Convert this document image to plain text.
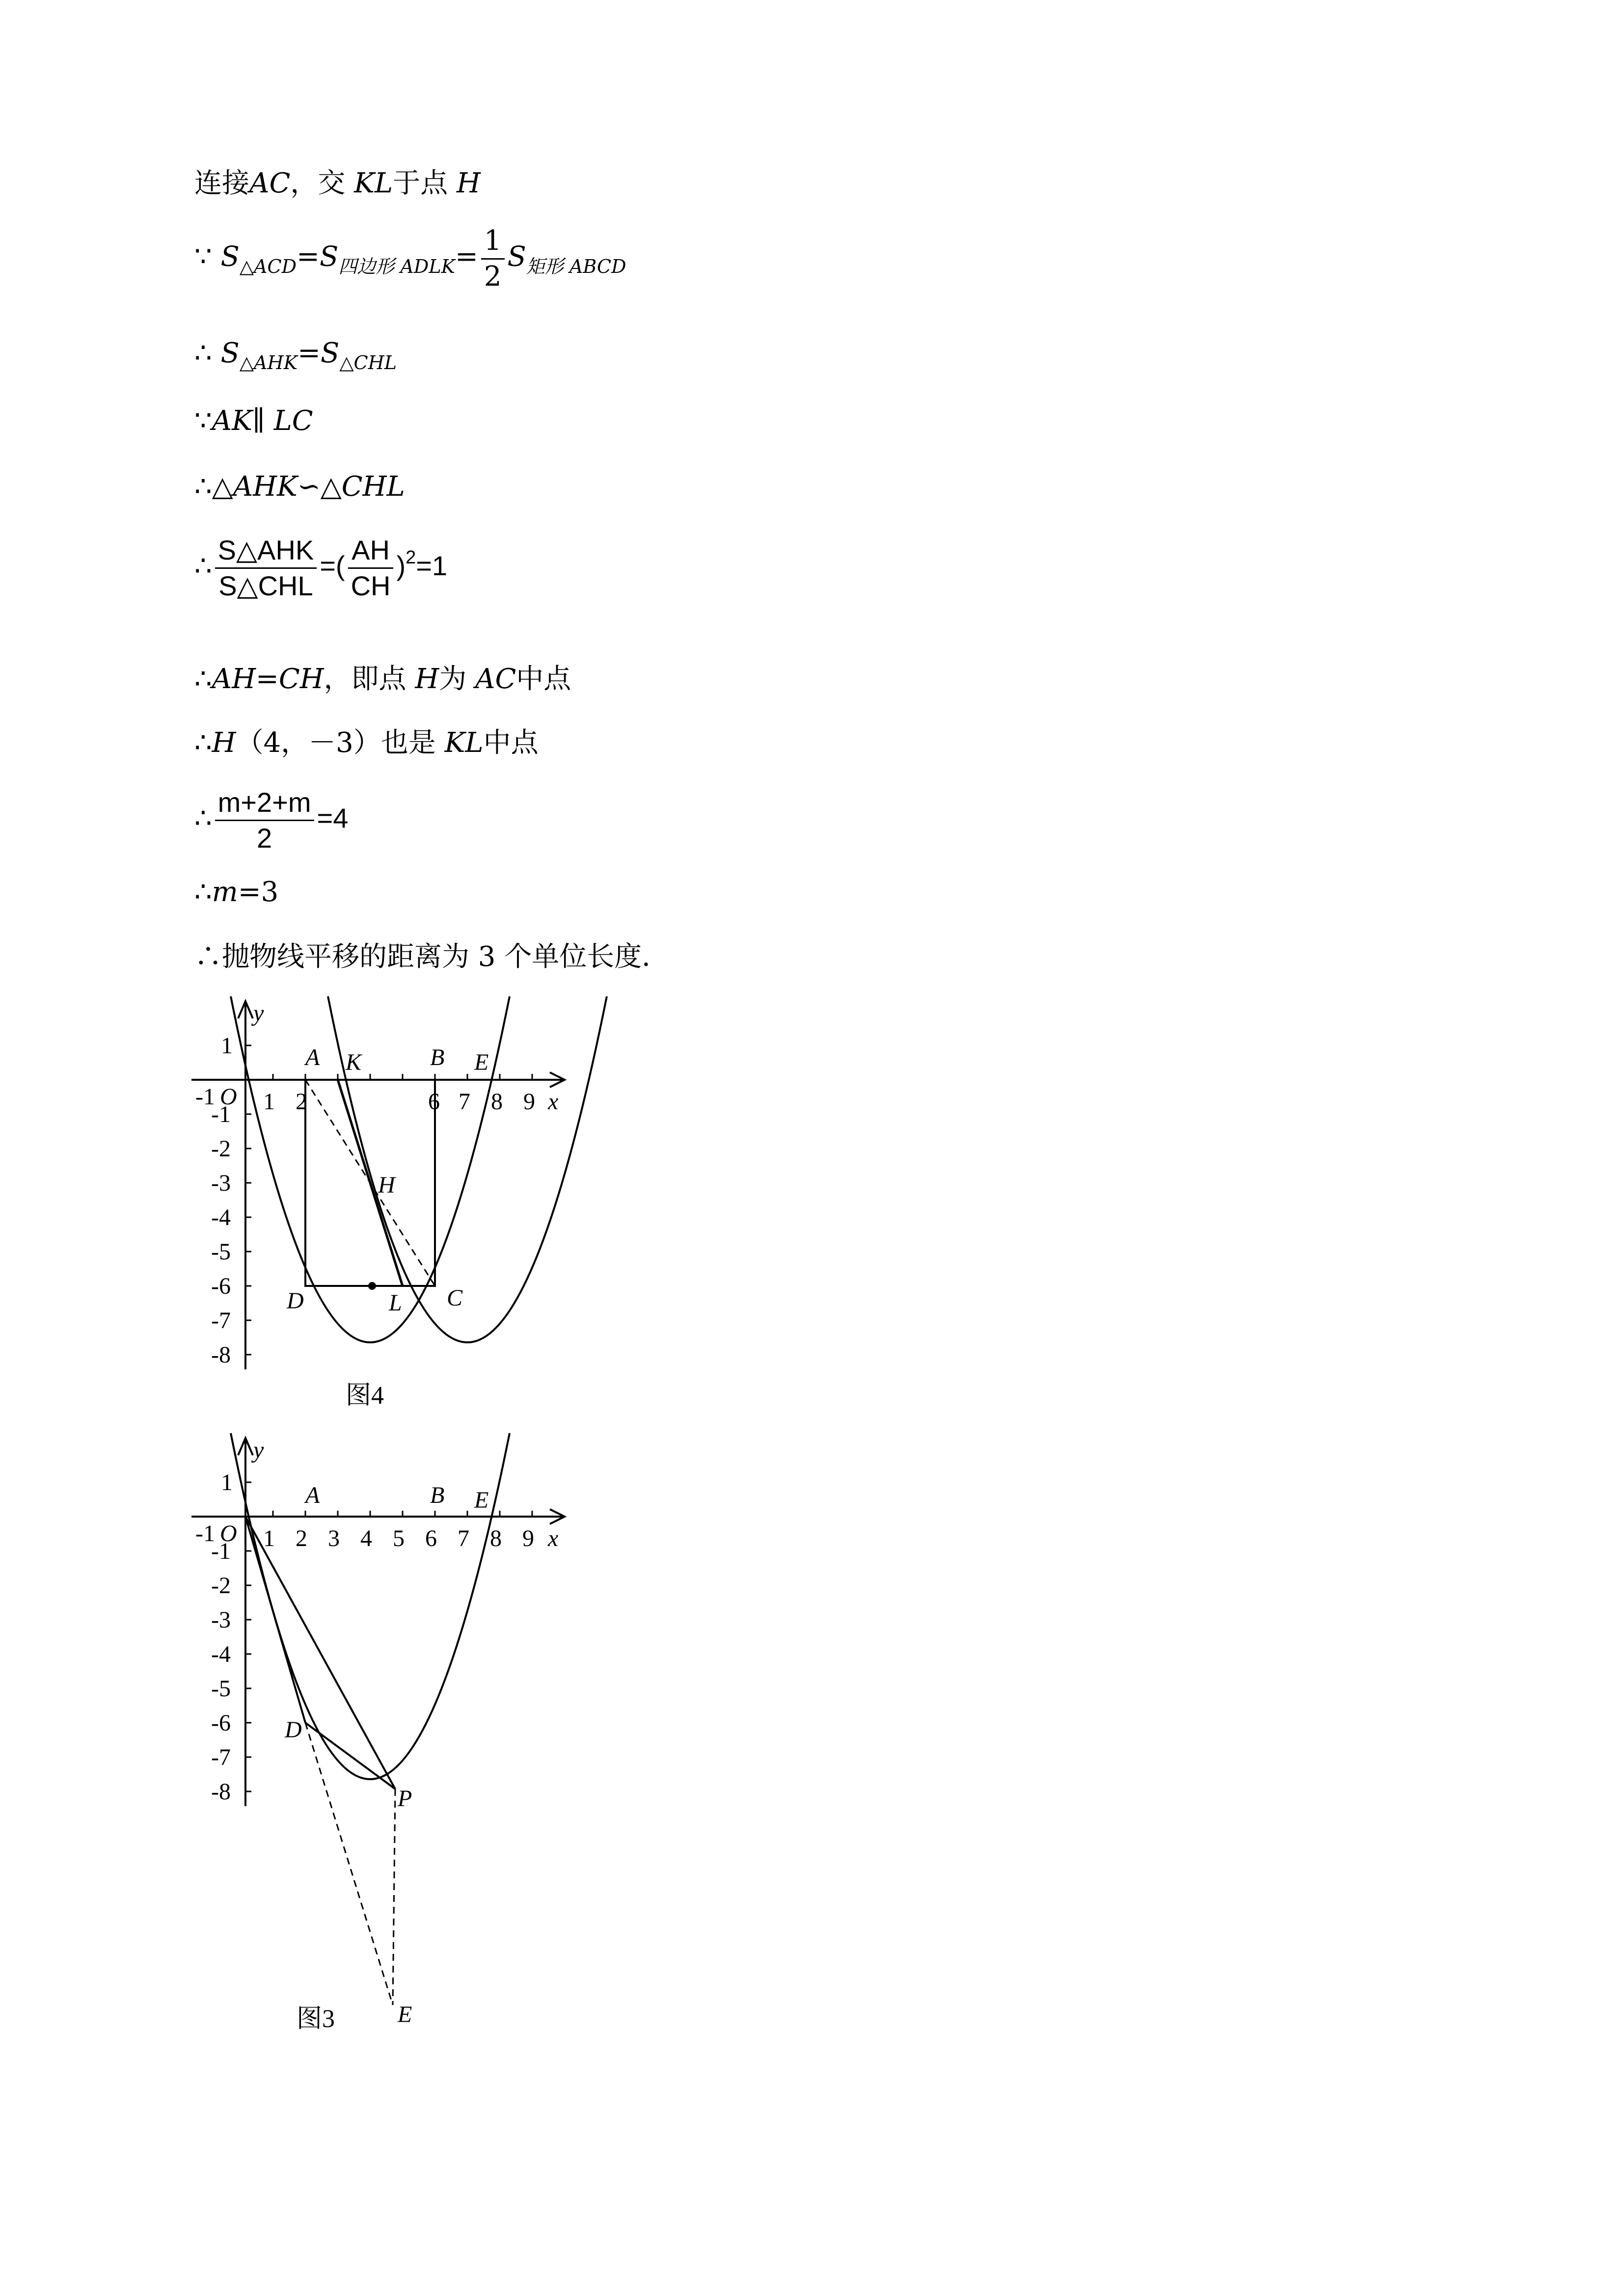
连接AC，交 KL于点 H
∵ $S_{\triangle ACD}=S_{四边形 ADLK}= \frac{1}{2} S_{矩形 ABCD}$
∴ $S_{\triangle AHK}=S_{\triangle CHL}$
∵AK∥ LC
∴△AHK∽△CHL
∴ $\frac{\text{S△AHK}}{\text{S△CHL}}$ =( $\frac{AH}{CH} )^2=1$
∴AH=CH，即点 H为 AC中点
∴H（4，－3）也是 KL中点
∴ $\frac{m+2+m}{2} =4$
∴m=3
∴抛物线平移的距离为 3 个单位长度．
1 2	6 7 8 9
-1 O	x
y
1
-1
-2
-3
-4
-5
-6
-7
-8
A K	B E
H
D	L C
图4
1 2 3 4 5 6 7 8 9
-1 O	x
y
1
-1
-2
-3
-4
-5
-6
-7
-8
A	B E
D
P
E
图3
